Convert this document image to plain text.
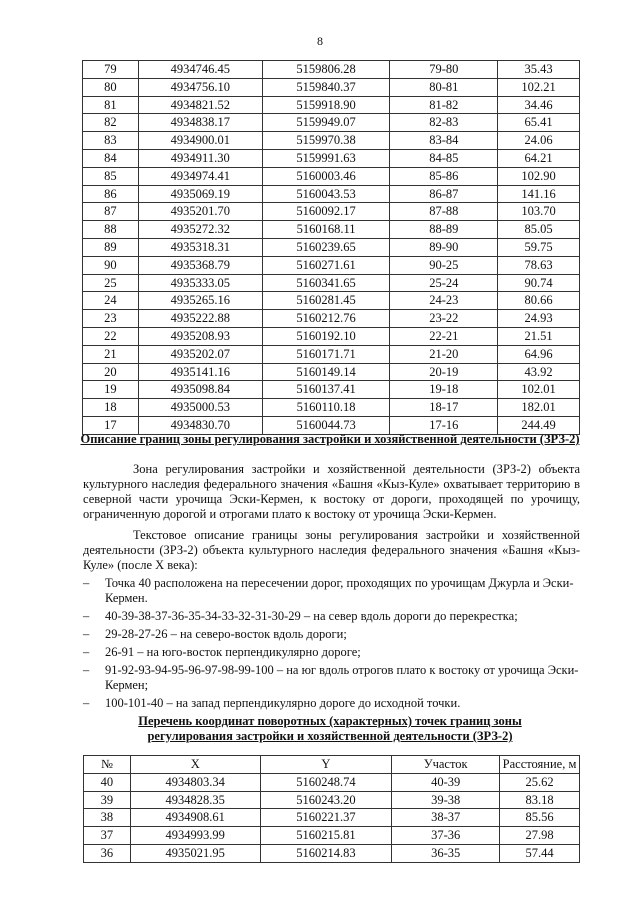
8
79	4934746.45	5159806.28	79-80	35.43
80	4934756.10	5159840.37	80-81	102.21
81	4934821.52	5159918.90	81-82	34.46
82	4934838.17	5159949.07	82-83	65.41
83	4934900.01	5159970.38	83-84	24.06
84	4934911.30	5159991.63	84-85	64.21
85	4934974.41	5160003.46	85-86	102.90
86	4935069.19	5160043.53	86-87	141.16
87	4935201.70	5160092.17	87-88	103.70
88	4935272.32	5160168.11	88-89	85.05
89	4935318.31	5160239.65	89-90	59.75
90	4935368.79	5160271.61	90-25	78.63
25	4935333.05	5160341.65	25-24	90.74
24	4935265.16	5160281.45	24-23	80.66
23	4935222.88	5160212.76	23-22	24.93
22	4935208.93	5160192.10	22-21	21.51
21	4935202.07	5160171.71	21-20	64.96
20	4935141.16	5160149.14	20-19	43.92
19	4935098.84	5160137.41	19-18	102.01
18	4935000.53	5160110.18	18-17	182.01
17	4934830.70	5160044.73	17-16	244.49
Описание границ зоны регулирования застройки и хозяйственной деятельности (ЗРЗ-2)
Зона регулирования застройки и хозяйственной деятельности (ЗРЗ-2) объекта культурного наследия федерального значения «Башня «Кыз-Куле» охватывает территорию в северной части урочища Эски-Кермен, к востоку от дороги, проходящей по урочищу, ограниченную дорогой и отрогами плато к востоку от урочища Эски-Кермен.
Текстовое описание границы зоны регулирования застройки и хозяйственной деятельности (ЗРЗ-2) объекта культурного наследия федерального значения «Башня «Кыз-Куле» (после X века):
– Точка 40 расположена на пересечении дорог, проходящих по урочищам Джурла и Эски-Кермен.
– 40-39-38-37-36-35-34-33-32-31-30-29 – на север вдоль дороги до перекрестка;
– 29-28-27-26 – на северо-восток вдоль дороги;
– 26-91 – на юго-восток перпендикулярно дороге;
– 91-92-93-94-95-96-97-98-99-100 – на юг вдоль отрогов плато к востоку от урочища Эски-Кермен;
– 100-101-40 – на запад перпендикулярно дороге до исходной точки.
Перечень координат поворотных (характерных) точек границ зоны регулирования застройки и хозяйственной деятельности (ЗРЗ-2)
№	X	Y	Участок	Расстояние, м
40	4934803.34	5160248.74	40-39	25.62
39	4934828.35	5160243.20	39-38	83.18
38	4934908.61	5160221.37	38-37	85.56
37	4934993.99	5160215.81	37-36	27.98
36	4935021.95	5160214.83	36-35	57.44
